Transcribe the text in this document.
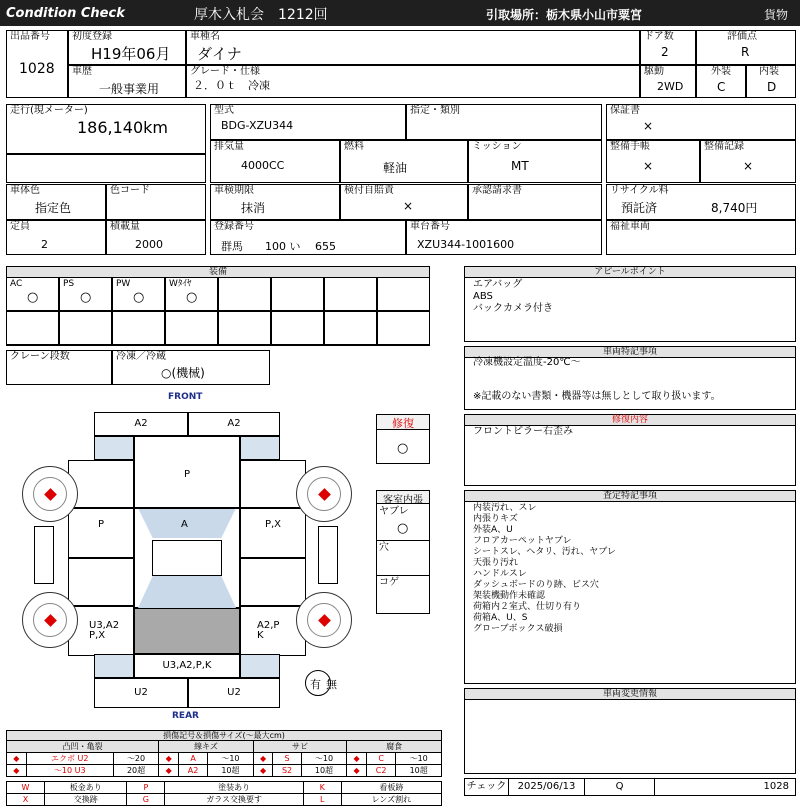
Condition Check	厚木入札会　1212回	引取場所：栃木県小山市粟宮	貨物
出品番号
1028
初度登録
H19年06月
車種名
ダイナ
ドア数
2
評価点
R
車歴
一般事業用
グレード・仕様
２．０ｔ　冷凍
駆動
2WD
外装
C
内装
D
走行(現メーター)
186,140km
型式
BDG-XZU344
指定・類別	保証書
×
排気量
4000CC
燃料
軽油
ミッション
MT
整備手帳
×
整備記録
×
車体色
指定色
色コード	車検期限
抹消
検付自賠責
×
承認請求書	リサイクル料
預託済	8,740円
定員
2
積載量
2000
登録番号
群馬　　100 い　 655
車台番号
XZU344-1001600
福祉車両
装備
AC
○
PS
○
PW
○
Wﾀｲﾔ
○
クレーン段数	冷凍／冷蔵
○(機械)
FRONT
REAR
A2	A2
P
P	A	P,X
U3,A2
P,X
A2,P
K
U3,A2,P,K
U2	U2
有 無
修復
○
客室内張
ヤブレ
○
穴
コゲ
アピールポイント
エアバッグ
ABS
バックカメラ付き
車両特記事項
冷凍機設定温度-20℃～
※記載のない書類・機器等は無しとして取り扱います。
修復内容
フロントピラー右歪み
査定特記事項
内装汚れ、スレ
内張りキズ
外装A、U
フロアカーペットヤブレ
シートスレ、ヘタリ、汚れ、ヤブレ
天張り汚れ
ハンドルスレ
ダッシュボードのり跡、ビス穴
架装機動作未確認
荷箱内２室式、仕切り有り
荷箱A、U、S
グローブボックス破損
車両変更情報
損傷記号＆損傷サイズ(～最大cm)
凸凹・亀裂			線キズ			サビ			腐食		
◆	エクボ U2	～20	◆	A	～10	◆	S	～10	◆	C	～10
◆	～10 U3	20超	◆	A2	10超	◆	S2	10超	◆	C2	10超
W	板金あり	P	塗装あり	K	看板跡
X	交換跡	G	ガラス交換要す	L	レンズ割れ
チェック	2025/06/13	Q	1028
